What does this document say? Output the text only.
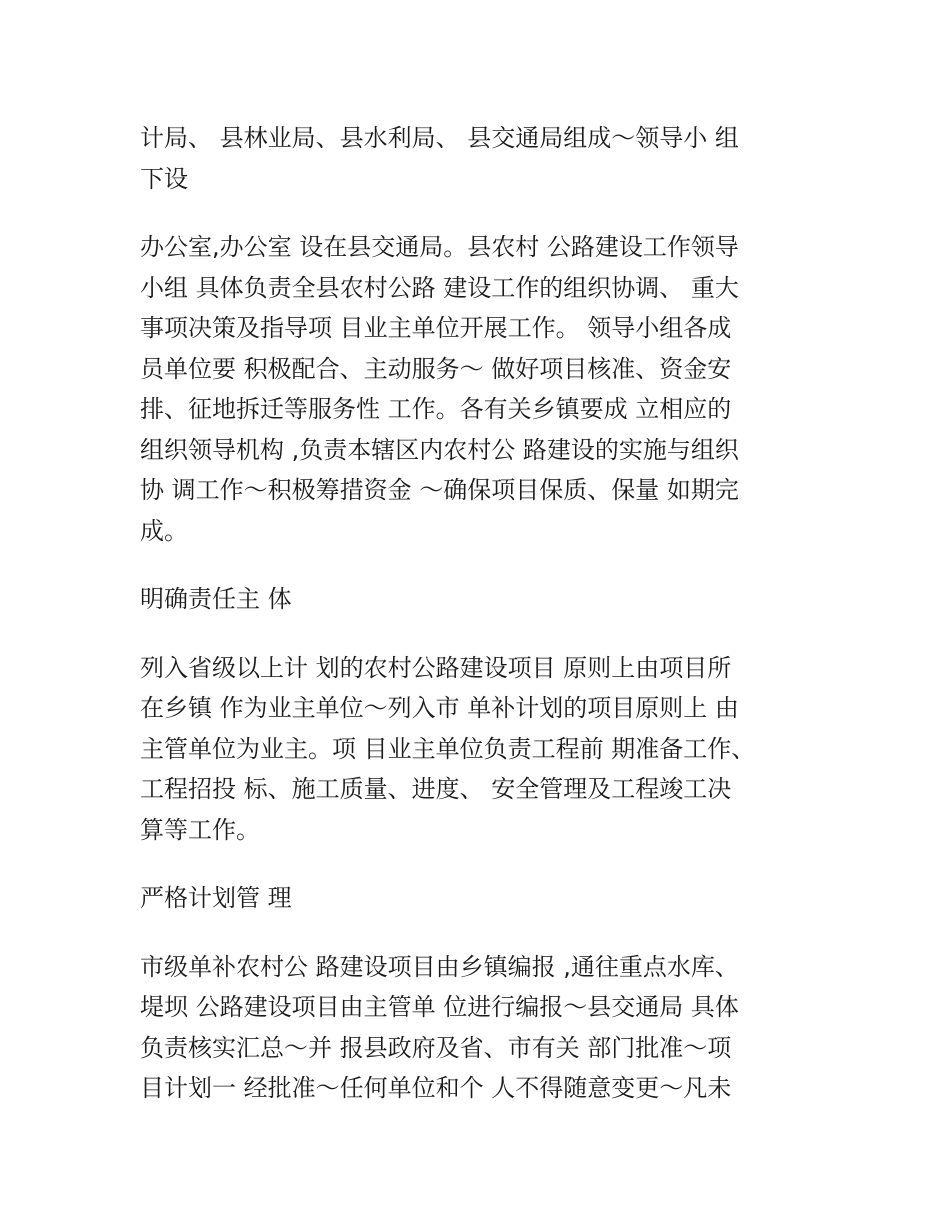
计局、 县林业局、县水利局、 县交通局组成～领导小 组
下设
办公室,办公室 设在县交通局。县农村 公路建设工作领导
小组 具体负责全县农村公路 建设工作的组织协调、 重大
事项决策及指导项 目业主单位开展工作。 领导小组各成
员单位要 积极配合、主动服务～ 做好项目核准、资金安
排、征地拆迁等服务性 工作。各有关乡镇要成 立相应的
组织领导机构 ,负责本辖区内农村公 路建设的实施与组织
协 调工作～积极筹措资金 ～确保项目保质、保量 如期完
成。
明确责任主 体
列入省级以上计 划的农村公路建设项目 原则上由项目所
在乡镇 作为业主单位～列入市 单补计划的项目原则上 由
主管单位为业主。项 目业主单位负责工程前 期准备工作、
工程招投 标、施工质量、进度、 安全管理及工程竣工决
算等工作。
严格计划管 理
市级单补农村公 路建设项目由乡镇编报 ,通往重点水库、
堤坝 公路建设项目由主管单 位进行编报～县交通局 具体
负责核实汇总～并 报县政府及省、市有关 部门批准～项
目计划一 经批准～任何单位和个 人不得随意变更～凡未
